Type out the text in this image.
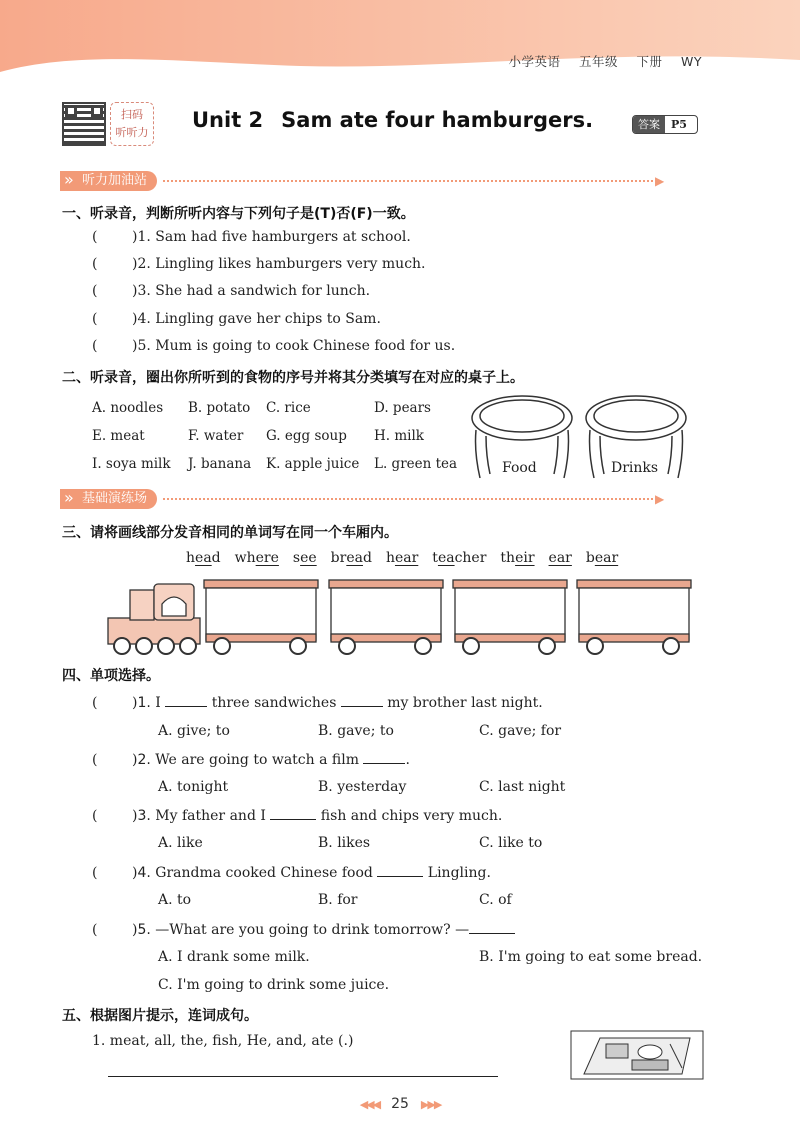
小学英语 五年级 下册 WY
扫码
听听力
Unit 2 Sam ate four hamburgers.	答案	P5
» 听力加油站	▶
一、听录音，判断所听内容与下列句子是(T)否(F)一致。
( )1. Sam had five hamburgers at school.
( )2. Lingling likes hamburgers very much.
( )3. She had a sandwich for lunch.
( )4. Lingling gave her chips to Sam.
( )5. Mum is going to cook Chinese food for us.
二、听录音，圈出你所听到的食物的序号并将其分类填写在对应的桌子上。
A. noodles B. potato C. rice	D. pears
E. meat	F. water G. egg soup H. milk
I. soya milk J. banana K. apple juice L. green tea	Food	Drinks
» 基础演练场	▶
三、请将画线部分发音相同的单词写在同一个车厢内。
head where see bread hear teacher their ear bear
四、单项选择。
( )1. I	three sandwiches	my brother last night.
A. give; to	B. gave; to	C. gave; for
( )2. We are going to watch a film	.
A. tonight	B. yesterday	C. last night
( )3. My father and I	fish and chips very much.
A. like	B. likes	C. like to
( )4. Grandma cooked Chinese food	Lingling.
A. to	B. for	C. of
( )5. —What are you going to drink tomorrow? —
A. I drank some milk.	B. I'm going to eat some bread.
C. I'm going to drink some juice.
五、根据图片提示，连词成句。
1. meat, all, the, fish, He, and, ate (.)
◀◀◀ 25 ▶▶▶
